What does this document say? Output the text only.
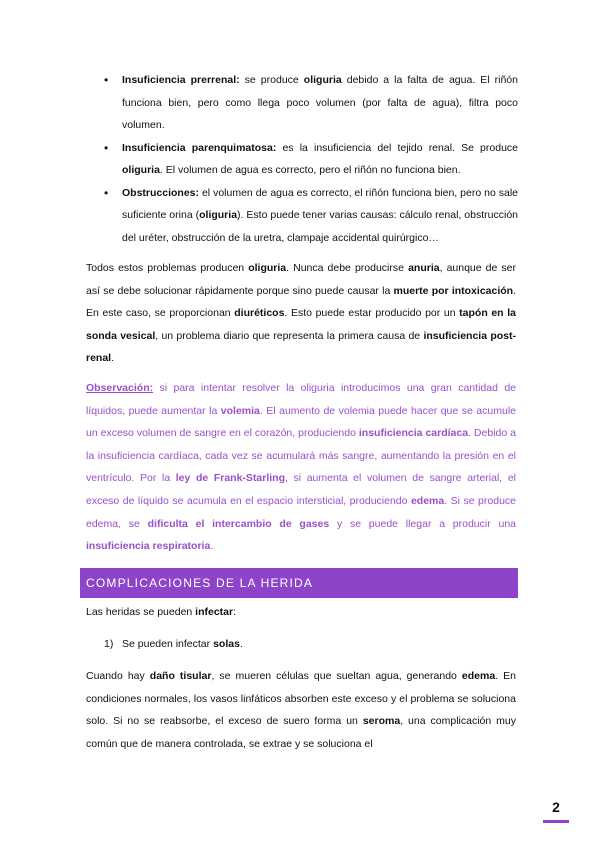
• Insuficiencia prerrenal: se produce oliguria debido a la falta de agua. El riñón funciona bien, pero como llega poco volumen (por falta de agua), filtra poco volumen.
• Insuficiencia parenquimatosa: es la insuficiencia del tejido renal. Se produce oliguria. El volumen de agua es correcto, pero el riñón no funciona bien.
• Obstrucciones: el volumen de agua es correcto, el riñón funciona bien, pero no sale suficiente orina (oliguria). Esto puede tener varias causas: cálculo renal, obstrucción del uréter, obstrucción de la uretra, clampaje accidental quirúrgico…

Todos estos problemas producen oliguria. Nunca debe producirse anuria, aunque de ser así se debe solucionar rápidamente porque sino puede causar la muerte por intoxicación. En este caso, se proporcionan diuréticos. Esto puede estar producido por un tapón en la sonda vesical, un problema diario que representa la primera causa de insuficiencia post-renal.

Observación: si para intentar resolver la oliguria introducimos una gran cantidad de líquidos, puede aumentar la volemia. El aumento de volemia puede hacer que se acumule un exceso volumen de sangre en el corazón, produciendo insuficiencia cardíaca. Debido a la insuficiencia cardíaca, cada vez se acumulará más sangre, aumentando la presión en el ventrículo. Por la ley de Frank-Starling, si aumenta el volumen de sangre arterial, el exceso de líquido se acumula en el espacio intersticial, produciendo edema. Si se produce edema, se dificulta el intercambio de gases y se puede llegar a producir una insuficiencia respiratoria.

COMPLICACIONES DE LA HERIDA

Las heridas se pueden infectar:

1) Se pueden infectar solas.

Cuando hay daño tisular, se mueren células que sueltan agua, generando edema. En condiciones normales, los vasos linfáticos absorben este exceso y el problema se soluciona solo. Si no se reabsorbe, el exceso de suero forma un seroma, una complicación muy común que de manera controlada, se extrae y se soluciona el

2
